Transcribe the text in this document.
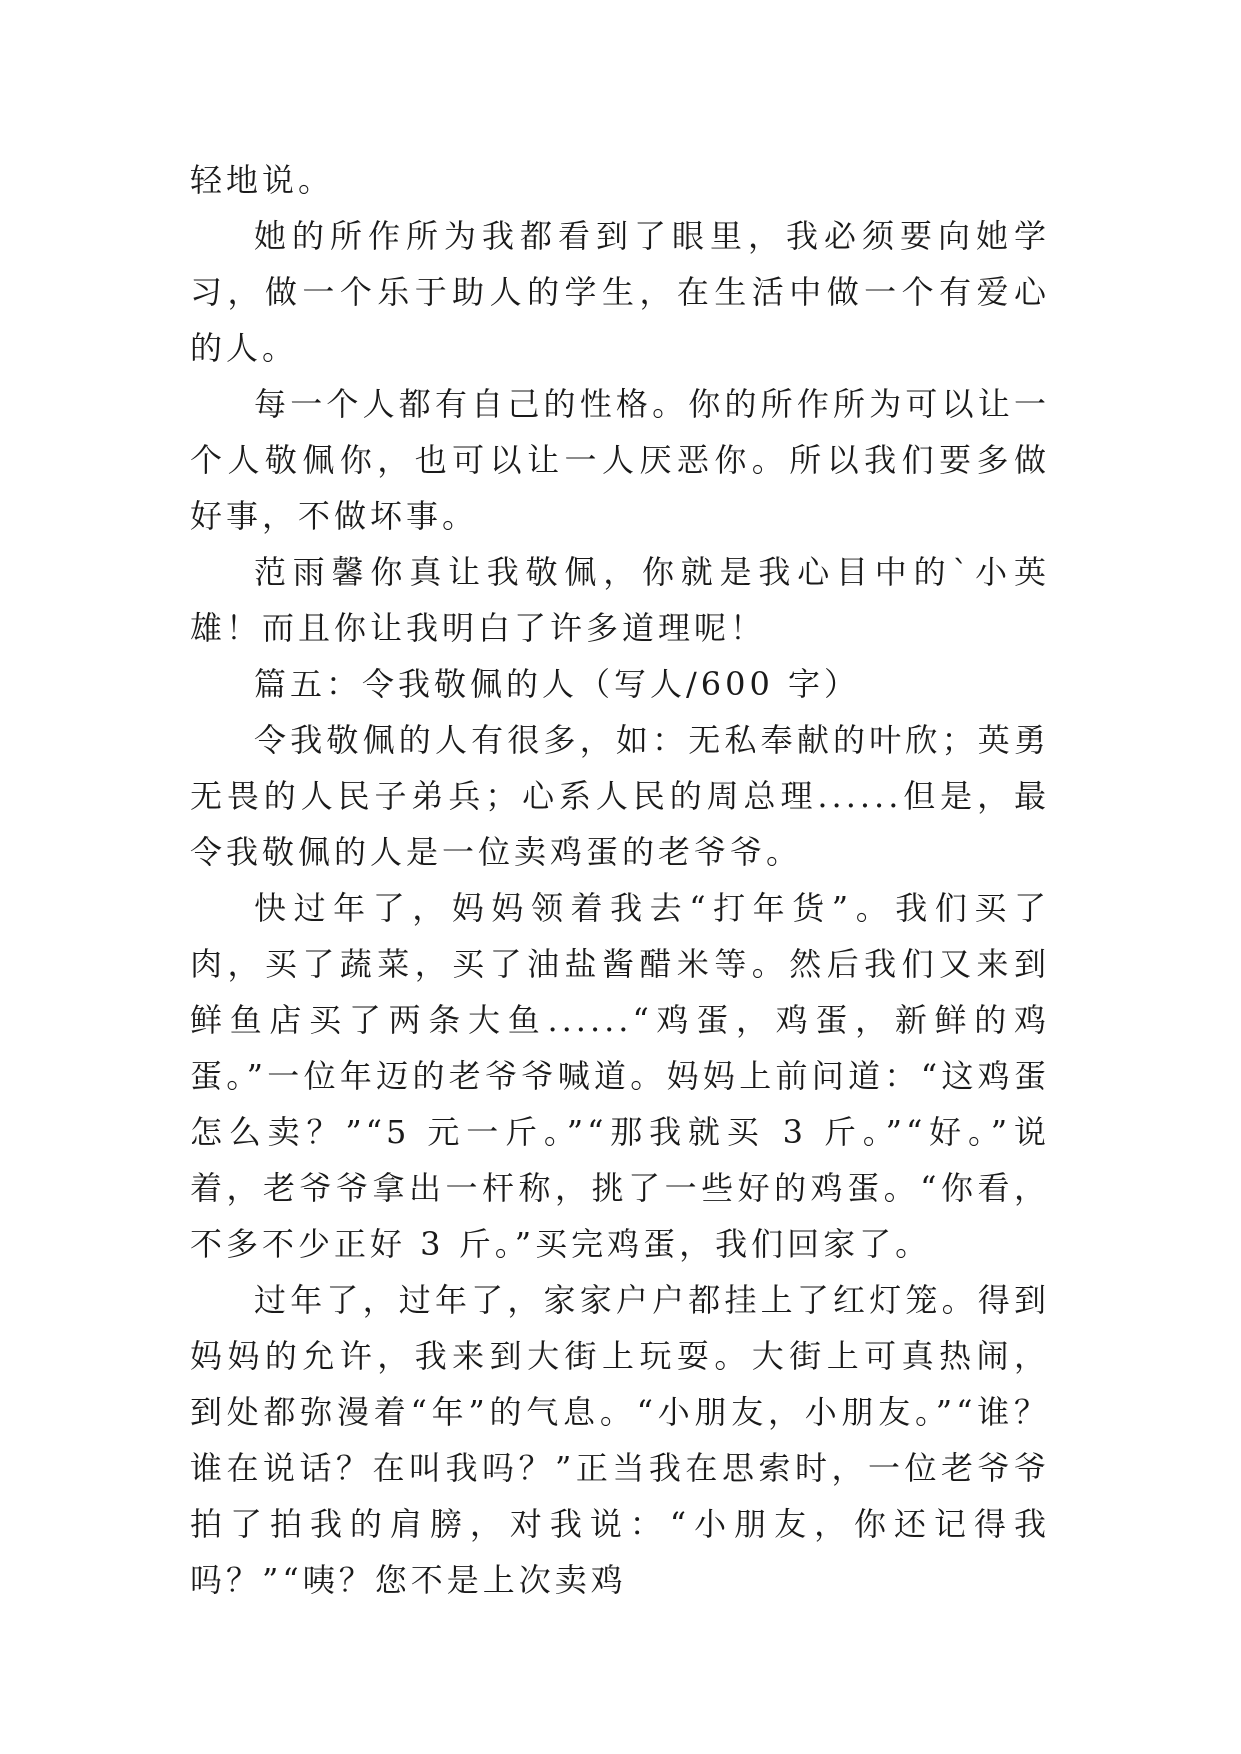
轻地说。

她的所作所为我都看到了眼里，我必须要向她学习，做一个乐于助人的学生，在生活中做一个有爱心的人。

每一个人都有自己的性格。你的所作所为可以让一个人敬佩你，也可以让一人厌恶你。所以我们要多做好事，不做坏事。

范雨馨你真让我敬佩，你就是我心目中的`小英雄！而且你让我明白了许多道理呢！

篇五：令我敬佩的人（写人/600 字）

令我敬佩的人有很多，如：无私奉献的叶欣；英勇无畏的人民子弟兵；心系人民的周总理......但是，最令我敬佩的人是一位卖鸡蛋的老爷爷。

快过年了，妈妈领着我去“打年货”。我们买了肉，买了蔬菜，买了油盐酱醋米等。然后我们又来到鲜鱼店买了两条大鱼......“鸡蛋，鸡蛋，新鲜的鸡蛋。”一位年迈的老爷爷喊道。妈妈上前问道：“这鸡蛋怎么卖？”“5 元一斤。”“那我就买 3 斤。”“好。”说着，老爷爷拿出一杆称，挑了一些好的鸡蛋。“你看，不多不少正好 3 斤。”买完鸡蛋，我们回家了。

过年了，过年了，家家户户都挂上了红灯笼。得到妈妈的允许，我来到大街上玩耍。大街上可真热闹，到处都弥漫着“年”的气息。“小朋友，小朋友。”“谁？谁在说话？在叫我吗？”正当我在思索时，一位老爷爷拍了拍我的肩膀，对我说：“小朋友，你还记得我吗？”“咦？您不是上次卖鸡
